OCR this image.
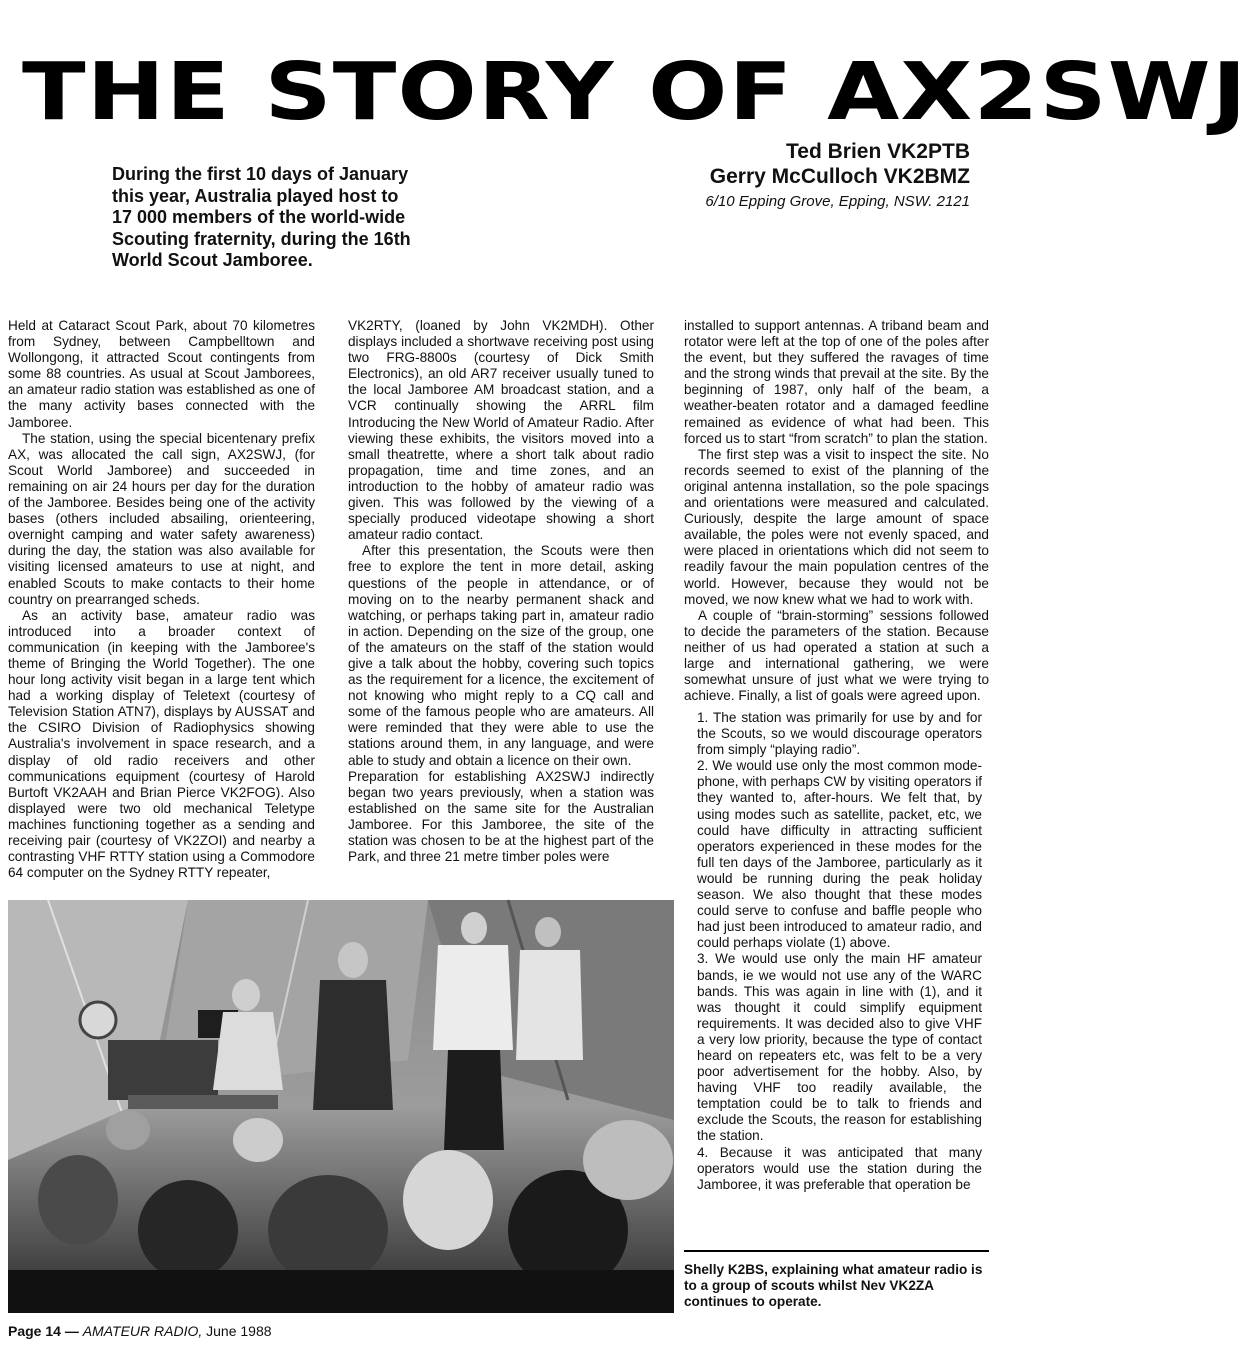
THE STORY OF AX2SWJ
Ted Brien VK2PTB
Gerry McCulloch VK2BMZ
6/10 Epping Grove, Epping, NSW. 2121

During the first 10 days of January this year, Australia played host to 17 000 members of the world-wide Scouting fraternity, during the 16th World Scout Jamboree.

Held at Cataract Scout Park, about 70 kilometres from Sydney, between Campbelltown and Wollongong, it attracted Scout contingents from some 88 countries. As usual at Scout Jamborees, an amateur radio station was established as one of the many activity bases connected with the Jamboree.

The station, using the special bicentenary prefix AX, was allocated the call sign, AX2SWJ, (for Scout World Jamboree) and succeeded in remaining on air 24 hours per day for the duration of the Jamboree. Besides being one of the activity bases (others included absailing, orienteering, overnight camping and water safety awareness) during the day, the station was also available for visiting licensed amateurs to use at night, and enabled Scouts to make contacts to their home country on prearranged scheds.

As an activity base, amateur radio was introduced into a broader context of communication (in keeping with the Jamboree's theme of Bringing the World Together). The one hour long activity visit began in a large tent which had a working display of Teletext (courtesy of Television Station ATN7), displays by AUSSAT and the CSIRO Division of Radiophysics showing Australia's involvement in space research, and a display of old radio receivers and other communications equipment (courtesy of Harold Burtoft VK2AAH and Brian Pierce VK2FOG). Also displayed were two old mechanical Teletype machines functioning together as a sending and receiving pair (courtesy of VK2ZOI) and nearby a contrasting VHF RTTY station using a Commodore 64 computer on the Sydney RTTY repeater,

VK2RTY, (loaned by John VK2MDH). Other displays included a shortwave receiving post using two FRG-8800s (courtesy of Dick Smith Electronics), an old AR7 receiver usually tuned to the local Jamboree AM broadcast station, and a VCR continually showing the ARRL film Introducing the New World of Amateur Radio. After viewing these exhibits, the visitors moved into a small theatrette, where a short talk about radio propagation, time and time zones, and an introduction to the hobby of amateur radio was given. This was followed by the viewing of a specially produced videotape showing a short amateur radio contact.

After this presentation, the Scouts were then free to explore the tent in more detail, asking questions of the people in attendance, or of moving on to the nearby permanent shack and watching, or perhaps taking part in, amateur radio in action. Depending on the size of the group, one of the amateurs on the staff of the station would give a talk about the hobby, covering such topics as the requirement for a licence, the excitement of not knowing who might reply to a CQ call and some of the famous people who are amateurs. All were reminded that they were able to use the stations around them, in any language, and were able to study and obtain a licence on their own.

Preparation for establishing AX2SWJ indirectly began two years previously, when a station was established on the same site for the Australian Jamboree. For this Jamboree, the site of the station was chosen to be at the highest part of the Park, and three 21 metre timber poles were

installed to support antennas. A triband beam and rotator were left at the top of one of the poles after the event, but they suffered the ravages of time and the strong winds that prevail at the site. By the beginning of 1987, only half of the beam, a weather-beaten rotator and a damaged feedline remained as evidence of what had been. This forced us to start “from scratch” to plan the station.

The first step was a visit to inspect the site. No records seemed to exist of the planning of the original antenna installation, so the pole spacings and orientations were measured and calculated. Curiously, despite the large amount of space available, the poles were not evenly spaced, and were placed in orientations which did not seem to readily favour the main population centres of the world. However, because they would not be moved, we now knew what we had to work with.

A couple of “brain-storming” sessions followed to decide the parameters of the station. Because neither of us had operated a station at such a large and international gathering, we were somewhat unsure of just what we were trying to achieve. Finally, a list of goals were agreed upon.

1. The station was primarily for use by and for the Scouts, so we would discourage operators from simply “playing radio”.

2. We would use only the most common mode-phone, with perhaps CW by visiting operators if they wanted to, after-hours. We felt that, by using modes such as satellite, packet, etc, we could have difficulty in attracting sufficient operators experienced in these modes for the full ten days of the Jamboree, particularly as it would be running during the peak holiday season. We also thought that these modes could serve to confuse and baffle people who had just been introduced to amateur radio, and could perhaps violate (1) above.

3. We would use only the main HF amateur bands, ie we would not use any of the WARC bands. This was again in line with (1), and it was thought it could simplify equipment requirements. It was decided also to give VHF a very low priority, because the type of contact heard on repeaters etc, was felt to be a very poor advertisement for the hobby. Also, by having VHF too readily available, the temptation could be to talk to friends and exclude the Scouts, the reason for establishing the station.

4. Because it was anticipated that many operators would use the station during the Jamboree, it was preferable that operation be

Shelly K2BS, explaining what amateur radio is to a group of scouts whilst Nev VK2ZA continues to operate.
Page 14 — AMATEUR RADIO, June 1988
